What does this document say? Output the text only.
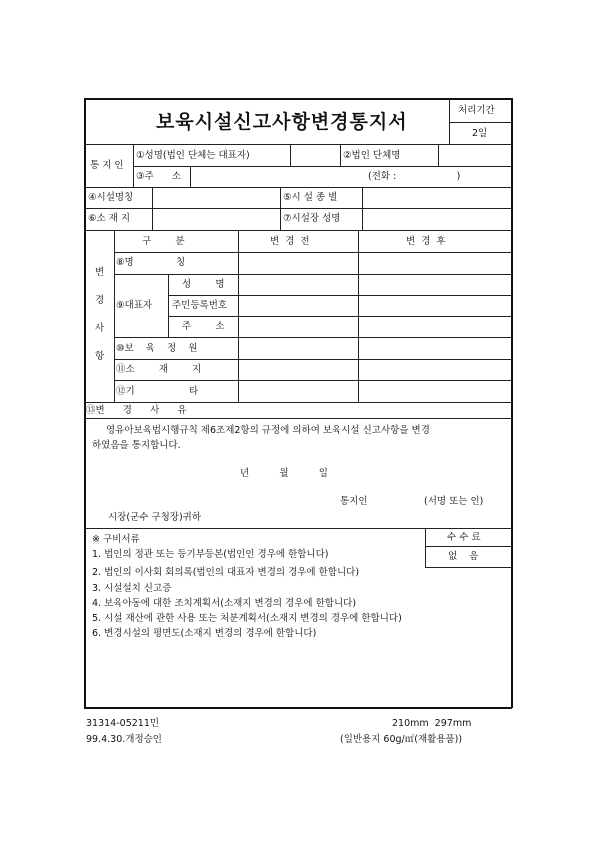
보육시설신고사항변경통지서
처리기간
2일
통 지 인
①성명(법인 단체는 대표자)	②법인 단체명
③주      소	(전화 :                    )
④시설명칭	⑤시 설 종 별
⑥소 재 지	⑦시설장 성명
변
경
사
항
구        분	변  경  전	변  경  후
⑧명              칭
⑨대표자
성        명
주민등록번호
주        소
⑩보    육    정    원
⑪소        재        지
⑫기                  타
⑬변      경      사      유
영유아보육법시행규칙 제6조제2항의 규정에 의하여 보육시설 신고사항을 변경
하였음을 통지합니다.
년          월          일
통지인	(서명 또는 인)
시장(군수 구청장)귀하
※ 구비서류
1. 법인의 정관 또는 등기부등본(법인인 경우에 한합니다)
2. 법인의 이사회 회의록(법인의 대표자 변경의 경우에 한합니다)
3. 시설설치 신고증
4. 보육아동에 대한 조치계획서(소재지 변경의 경우에 한합니다)
5. 시설 재산에 관한 사용 또는 처분계획서(소재지 변경의 경우에 한합니다)
6. 변경시설의 평면도(소재지 변경의 경우에 한합니다)
수 수 료
없    음
31314-05211민
99.4.30.개정승인
210mm  297mm
(일반용지 60g/㎡(재활용품))
